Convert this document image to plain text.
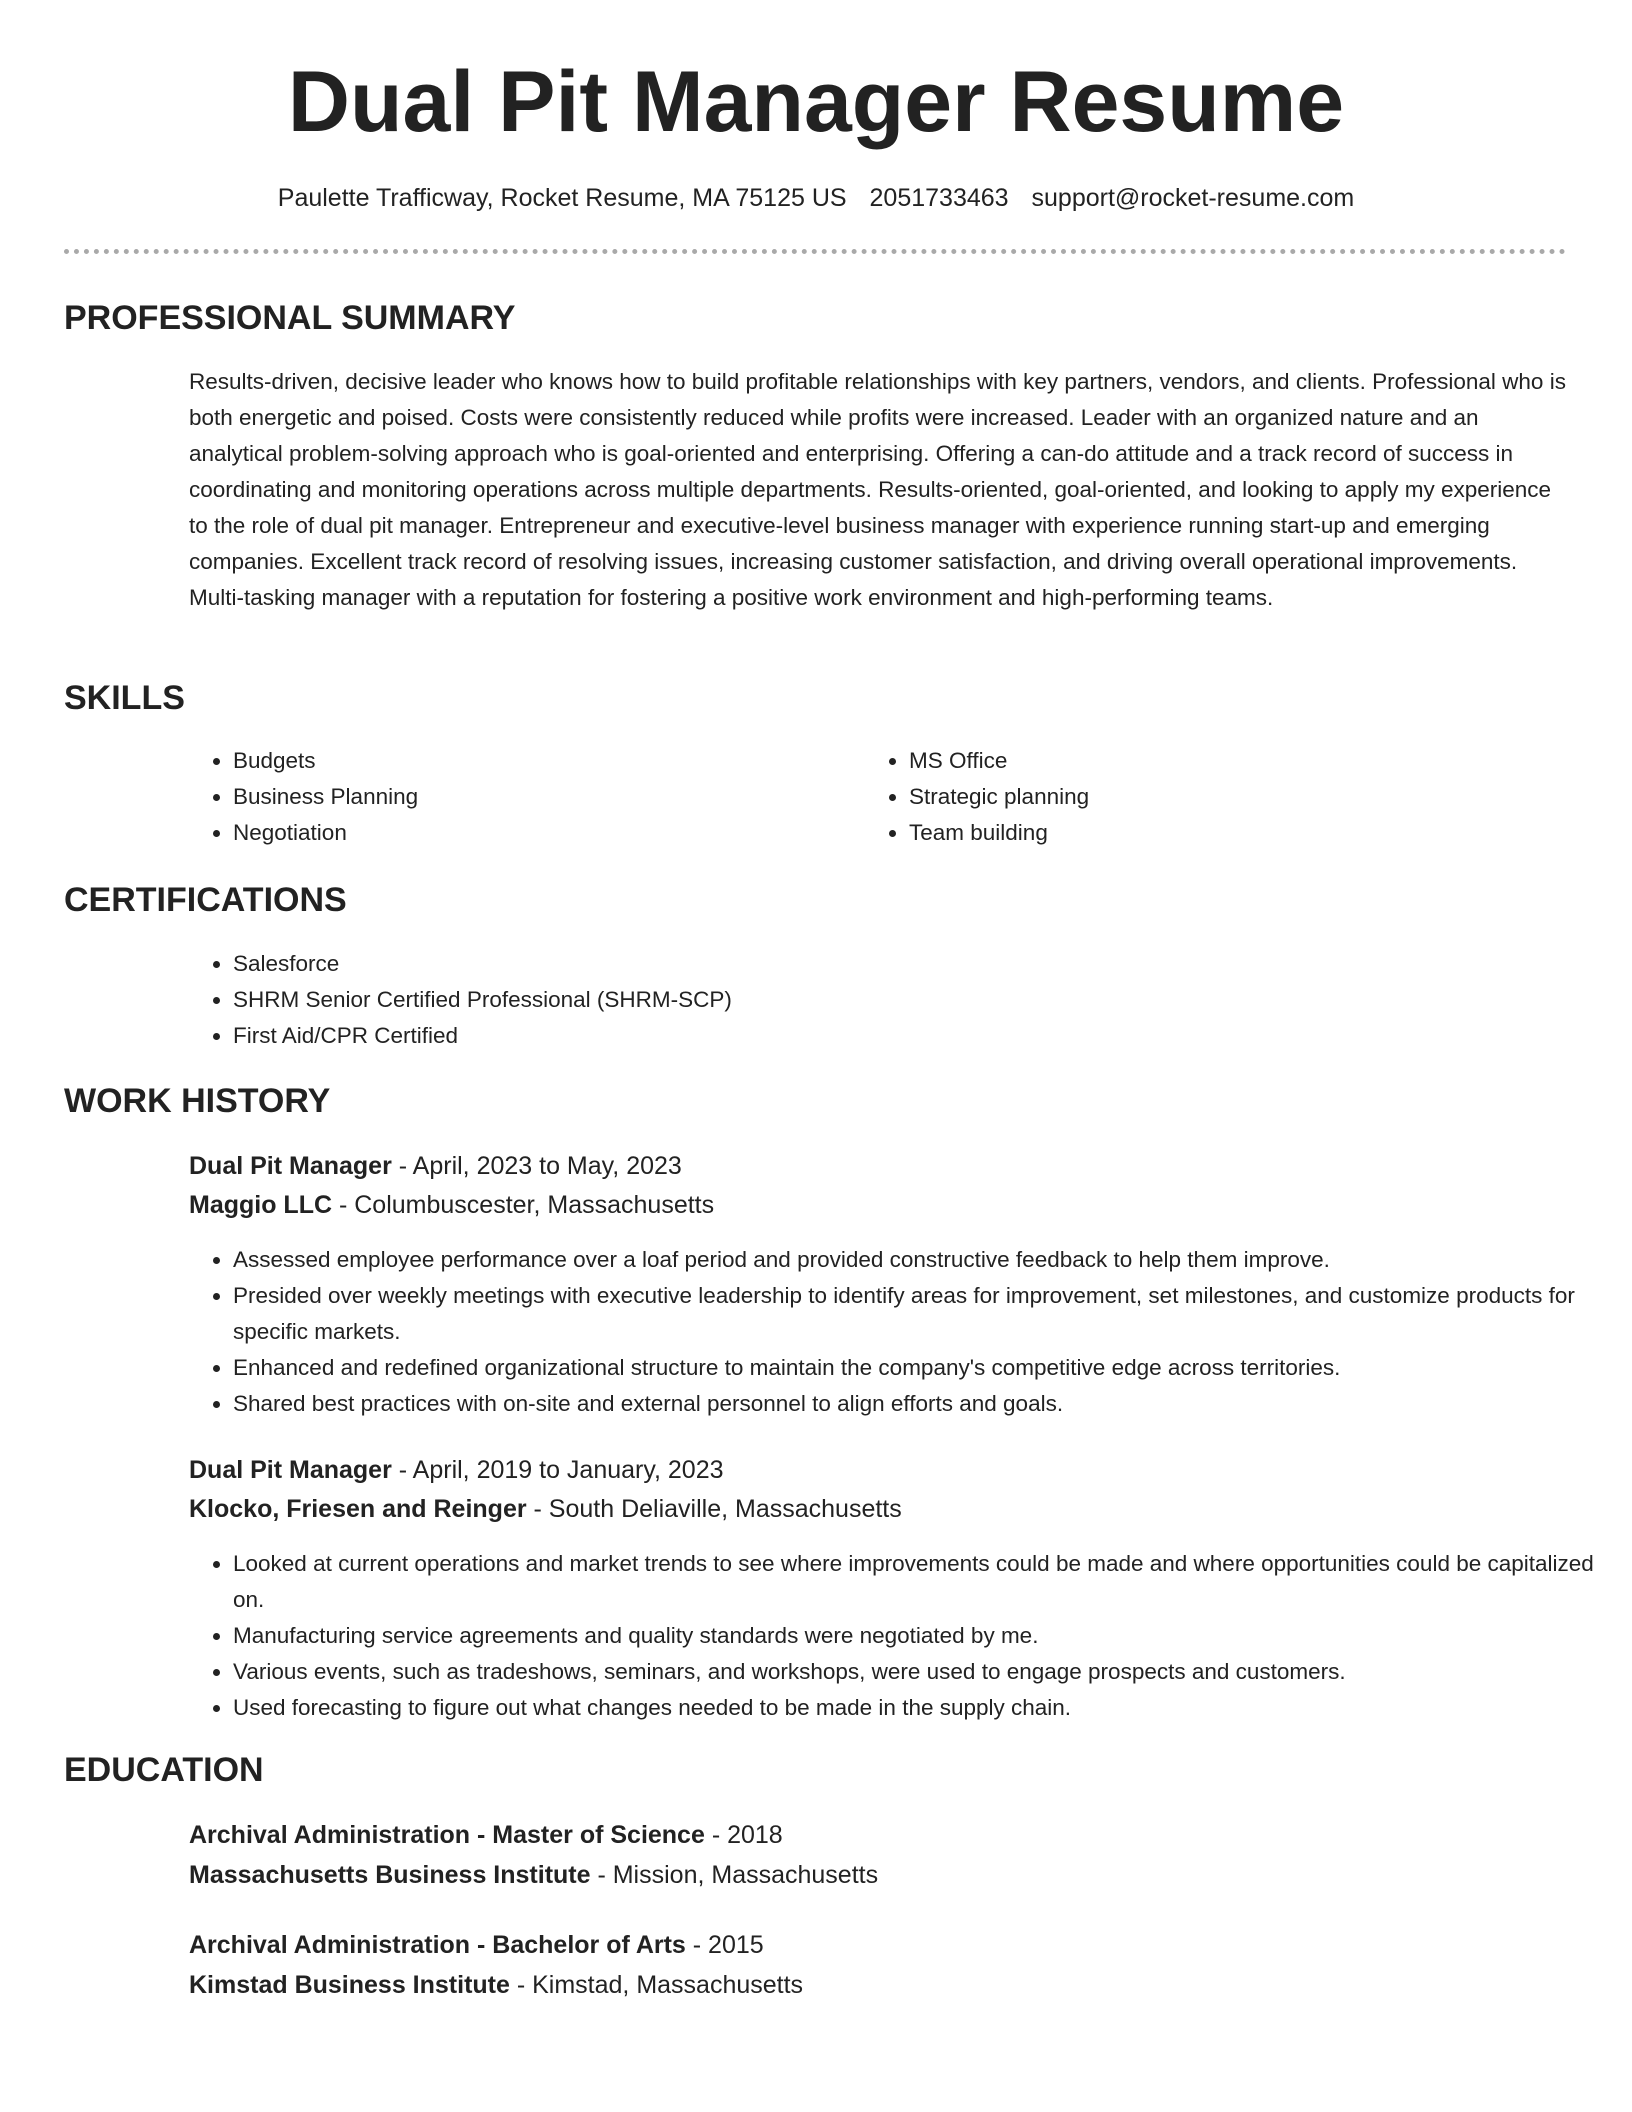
Dual Pit Manager Resume
Paulette Trafficway, Rocket Resume, MA 75125 US 2051733463 support@rocket-resume.com
PROFESSIONAL SUMMARY

Results-driven, decisive leader who knows how to build profitable relationships with key partners, vendors, and clients. Professional who is both energetic and poised. Costs were consistently reduced while profits were increased. Leader with an organized nature and an analytical problem-solving approach who is goal-oriented and enterprising. Offering a can-do attitude and a track record of success in coordinating and monitoring operations across multiple departments. Results-oriented, goal-oriented, and looking to apply my experience to the role of dual pit manager. Entrepreneur and executive-level business manager with experience running start-up and emerging companies. Excellent track record of resolving issues, increasing customer satisfaction, and driving overall operational improvements. Multi-tasking manager with a reputation for fostering a positive work environment and high-performing teams.

SKILLS
• Budgets
• Business Planning
• Negotiation
• MS Office
• Strategic planning
• Team building
CERTIFICATIONS
• Salesforce
• SHRM Senior Certified Professional (SHRM-SCP)
• First Aid/CPR Certified
WORK HISTORY
Dual Pit Manager - April, 2023 to May, 2023
Maggio LLC - Columbuscester, Massachusetts
• Assessed employee performance over a loaf period and provided constructive feedback to help them improve.
• Presided over weekly meetings with executive leadership to identify areas for improvement, set milestones, and customize products for specific markets.
• Enhanced and redefined organizational structure to maintain the company's competitive edge across territories.
• Shared best practices with on-site and external personnel to align efforts and goals.
Dual Pit Manager - April, 2019 to January, 2023
Klocko, Friesen and Reinger - South Deliaville, Massachusetts
• Looked at current operations and market trends to see where improvements could be made and where opportunities could be capitalized on.
• Manufacturing service agreements and quality standards were negotiated by me.
• Various events, such as tradeshows, seminars, and workshops, were used to engage prospects and customers.
• Used forecasting to figure out what changes needed to be made in the supply chain.
EDUCATION
Archival Administration - Master of Science - 2018
Massachusetts Business Institute - Mission, Massachusetts
Archival Administration - Bachelor of Arts - 2015
Kimstad Business Institute - Kimstad, Massachusetts
